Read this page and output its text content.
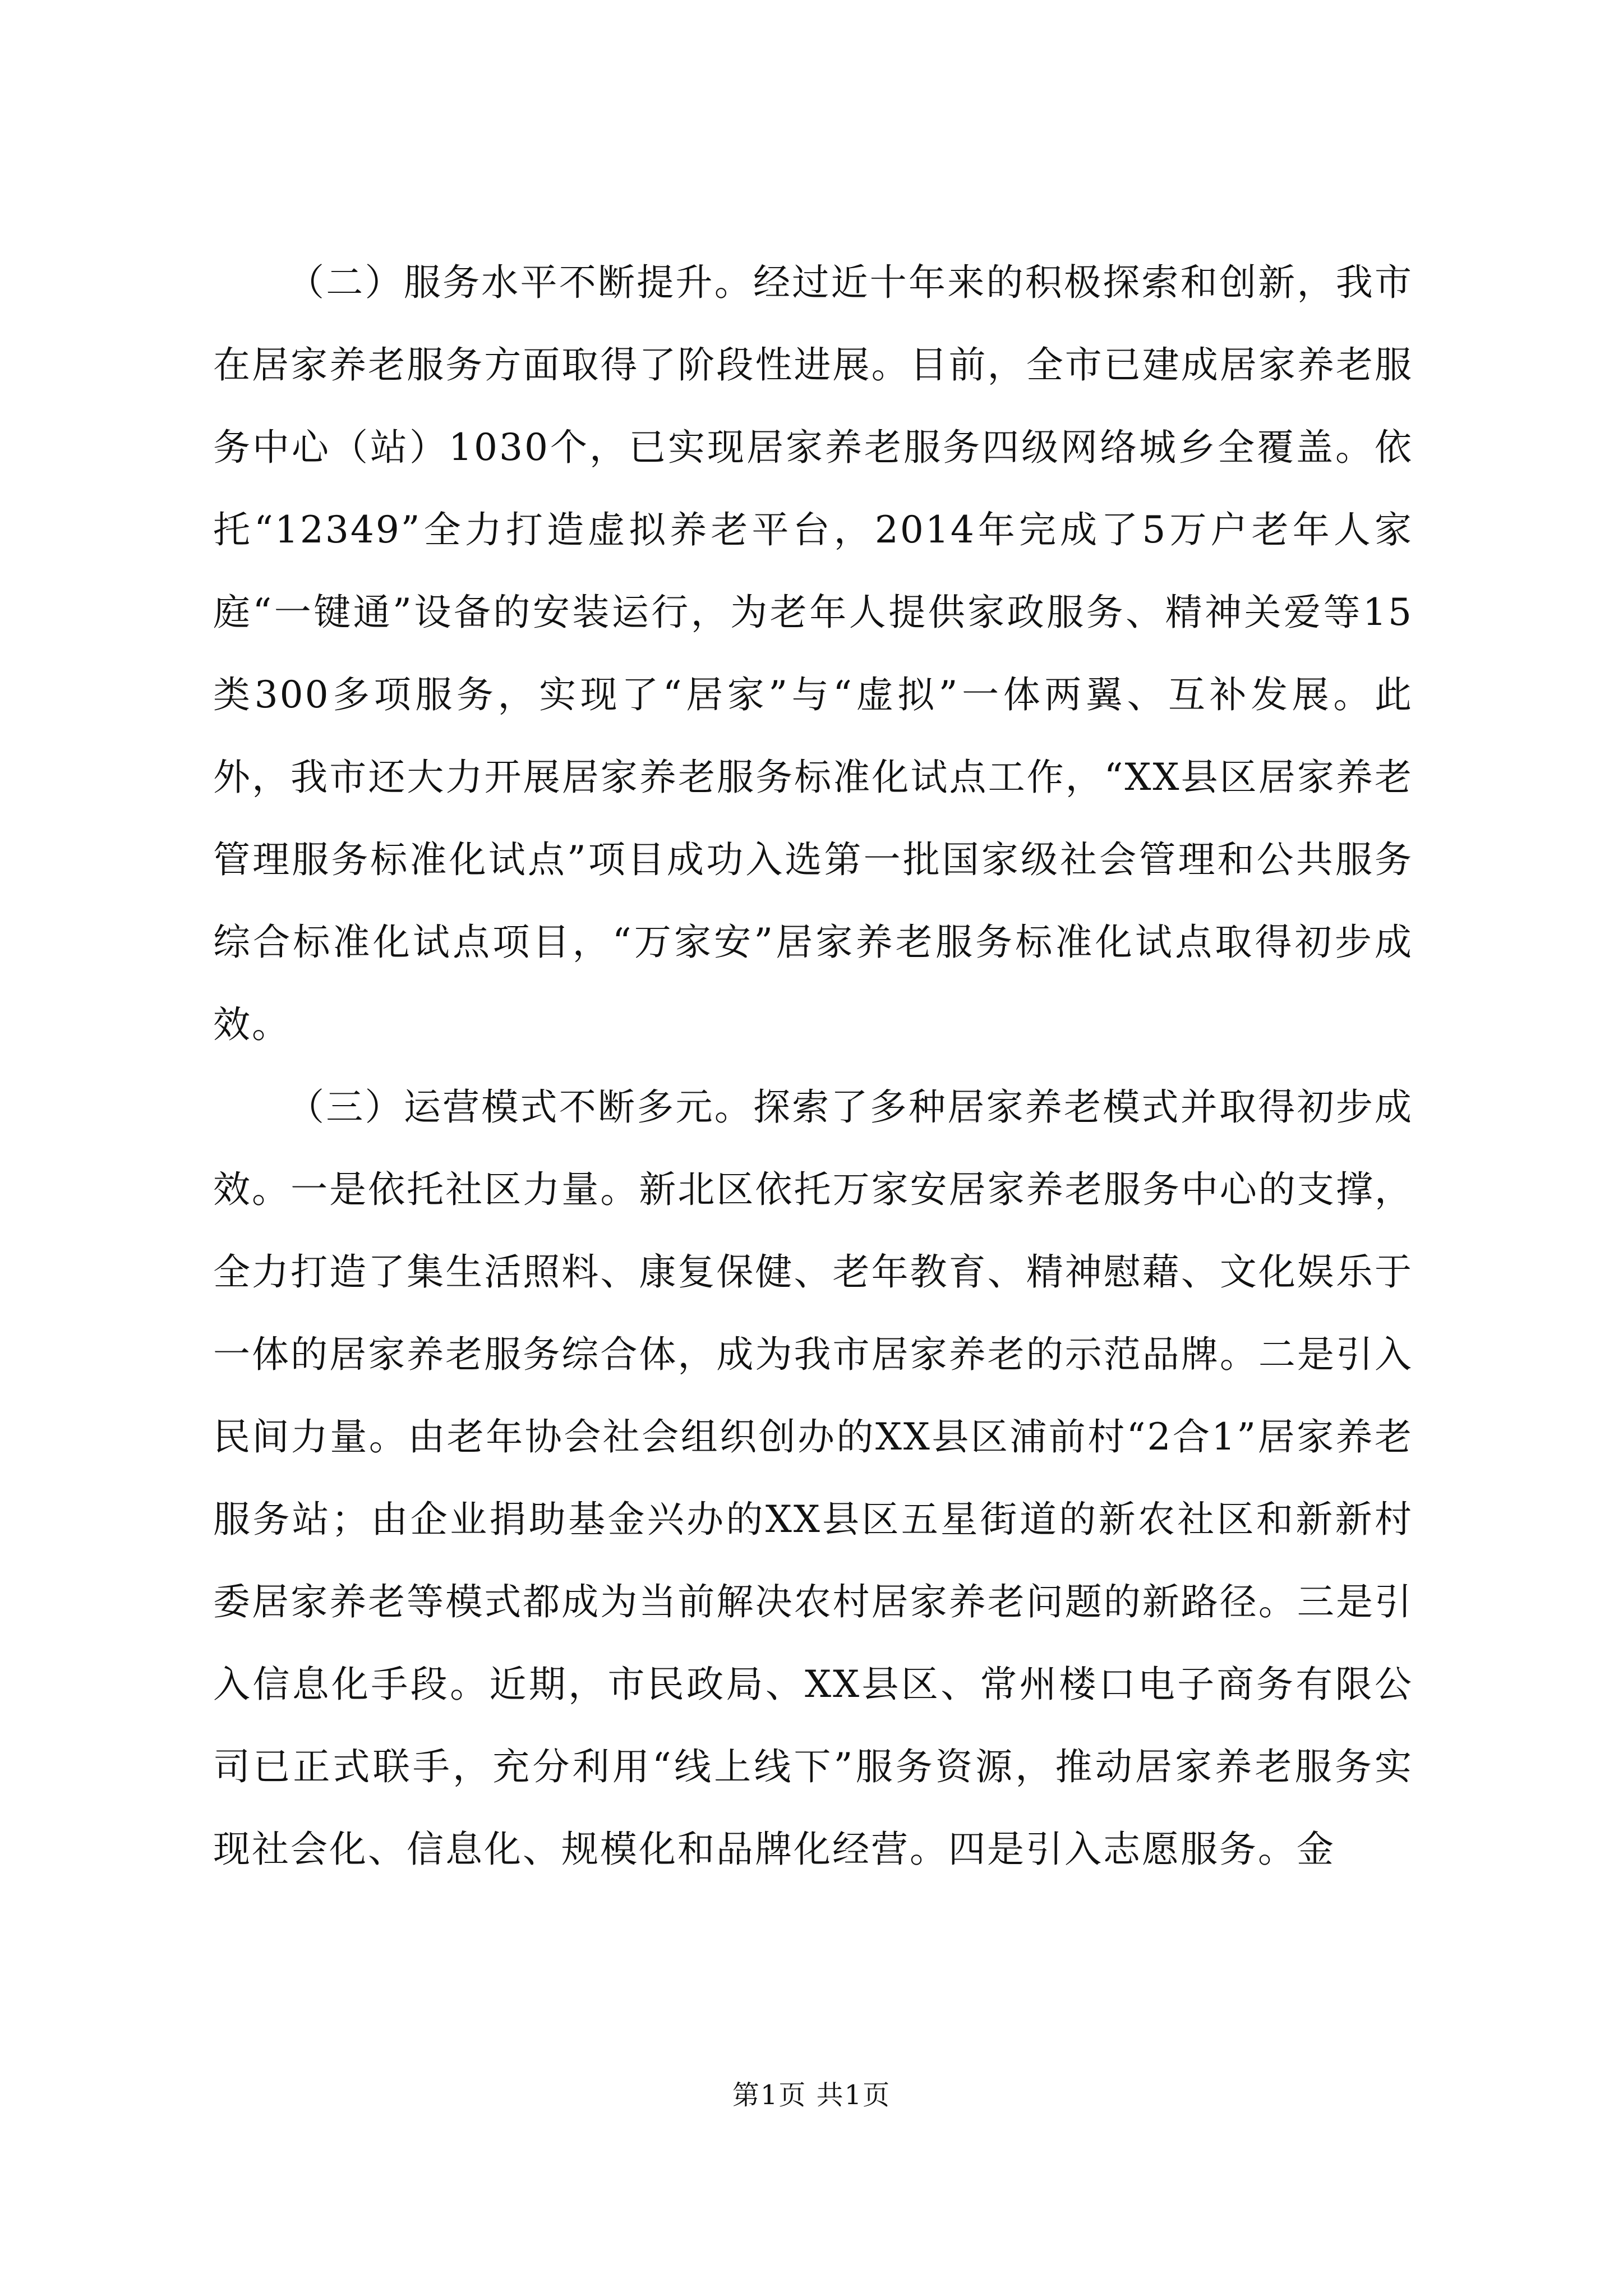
（二）服务水平不断提升。经过近十年来的积极探索和创新，我市在居家养老服务方面取得了阶段性进展。目前，全市已建成居家养老服务中心（站）1030个，已实现居家养老服务四级网络城乡全覆盖。依托“12349”全力打造虚拟养老平台，2014年完成了5万户老年人家庭“一键通”设备的安装运行，为老年人提供家政服务、精神关爱等15类300多项服务，实现了“居家”与“虚拟”一体两翼、互补发展。此外，我市还大力开展居家养老服务标准化试点工作，“XX县区居家养老管理服务标准化试点”项目成功入选第一批国家级社会管理和公共服务综合标准化试点项目，“万家安”居家养老服务标准化试点取得初步成效。

（三）运营模式不断多元。探索了多种居家养老模式并取得初步成效。一是依托社区力量。新北区依托万家安居家养老服务中心的支撑，全力打造了集生活照料、康复保健、老年教育、精神慰藉、文化娱乐于一体的居家养老服务综合体，成为我市居家养老的示范品牌。二是引入民间力量。由老年协会社会组织创办的XX县区浦前村“2合1”居家养老服务站；由企业捐助基金兴办的XX县区五星街道的新农社区和新新村委居家养老等模式都成为当前解决农村居家养老问题的新路径。三是引入信息化手段。近期，市民政局、XX县区、常州楼口电子商务有限公司已正式联手，充分利用“线上线下”服务资源，推动居家养老服务实现社会化、信息化、规模化和品牌化经营。四是引入志愿服务。金

第1页 共1页
